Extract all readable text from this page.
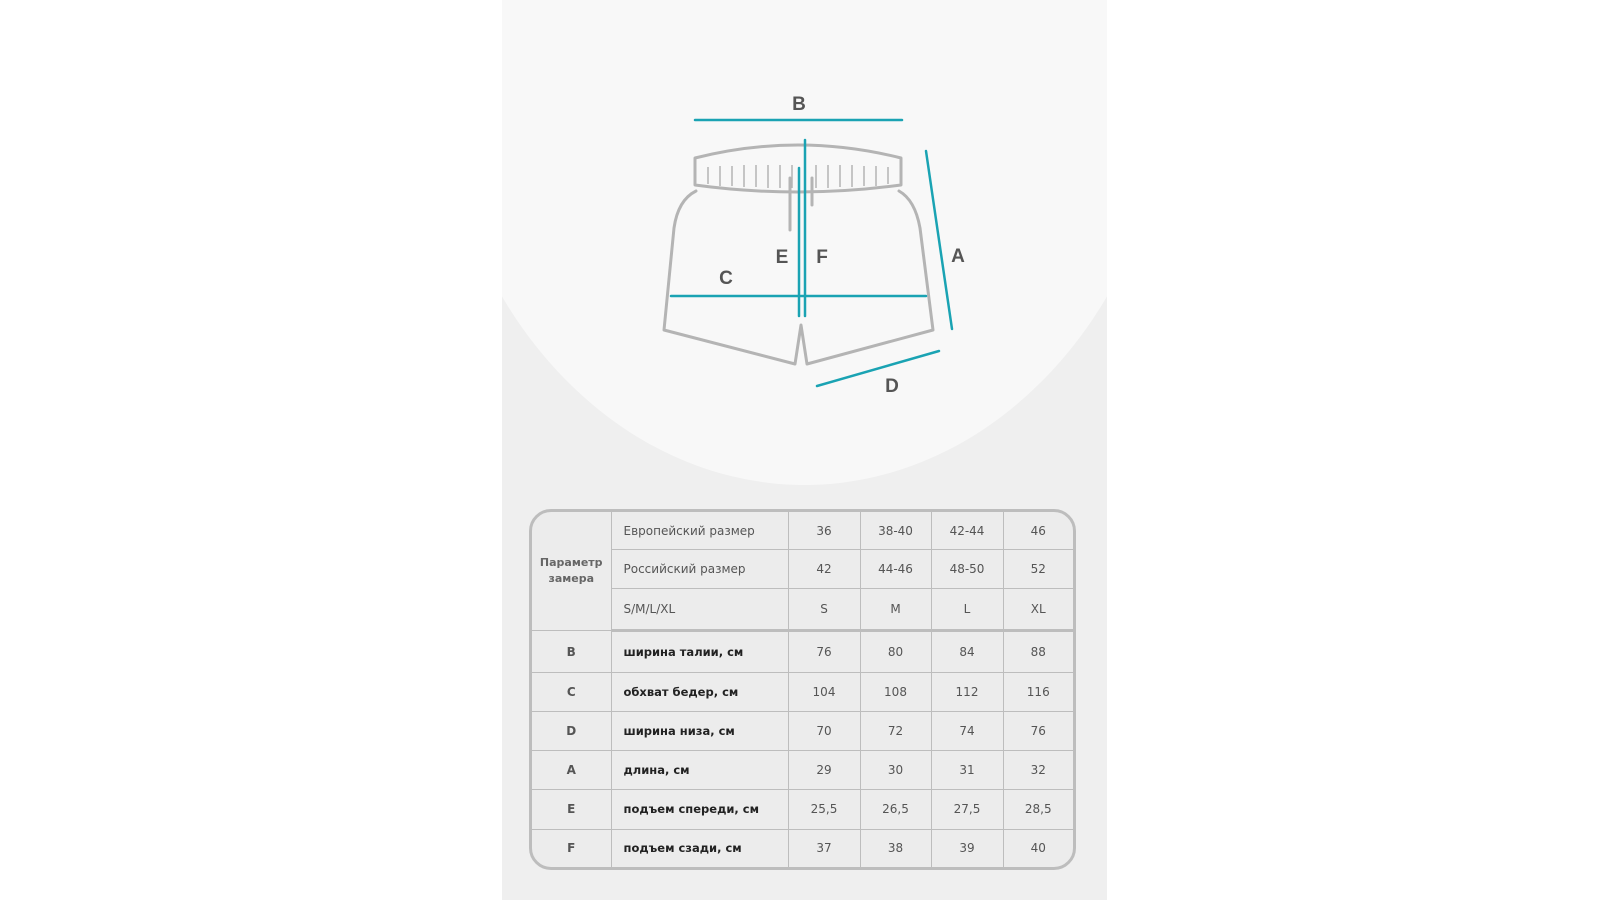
B
A
C
D
E F
Параметр замера	Европейский размер	36	38-40	42-44	46
	Российский размер	42	44-46	48-50	52
	S/M/L/XL	S	M	L	XL
B	ширина талии, см	76	80	84	88
C	обхват бедер, см	104	108	112	116
D	ширина низа, см	70	72	74	76
A	длина, см	29	30	31	32
E	подъем спереди, см	25,5	26,5	27,5	28,5
F	подъем сзади, см	37	38	39	40
